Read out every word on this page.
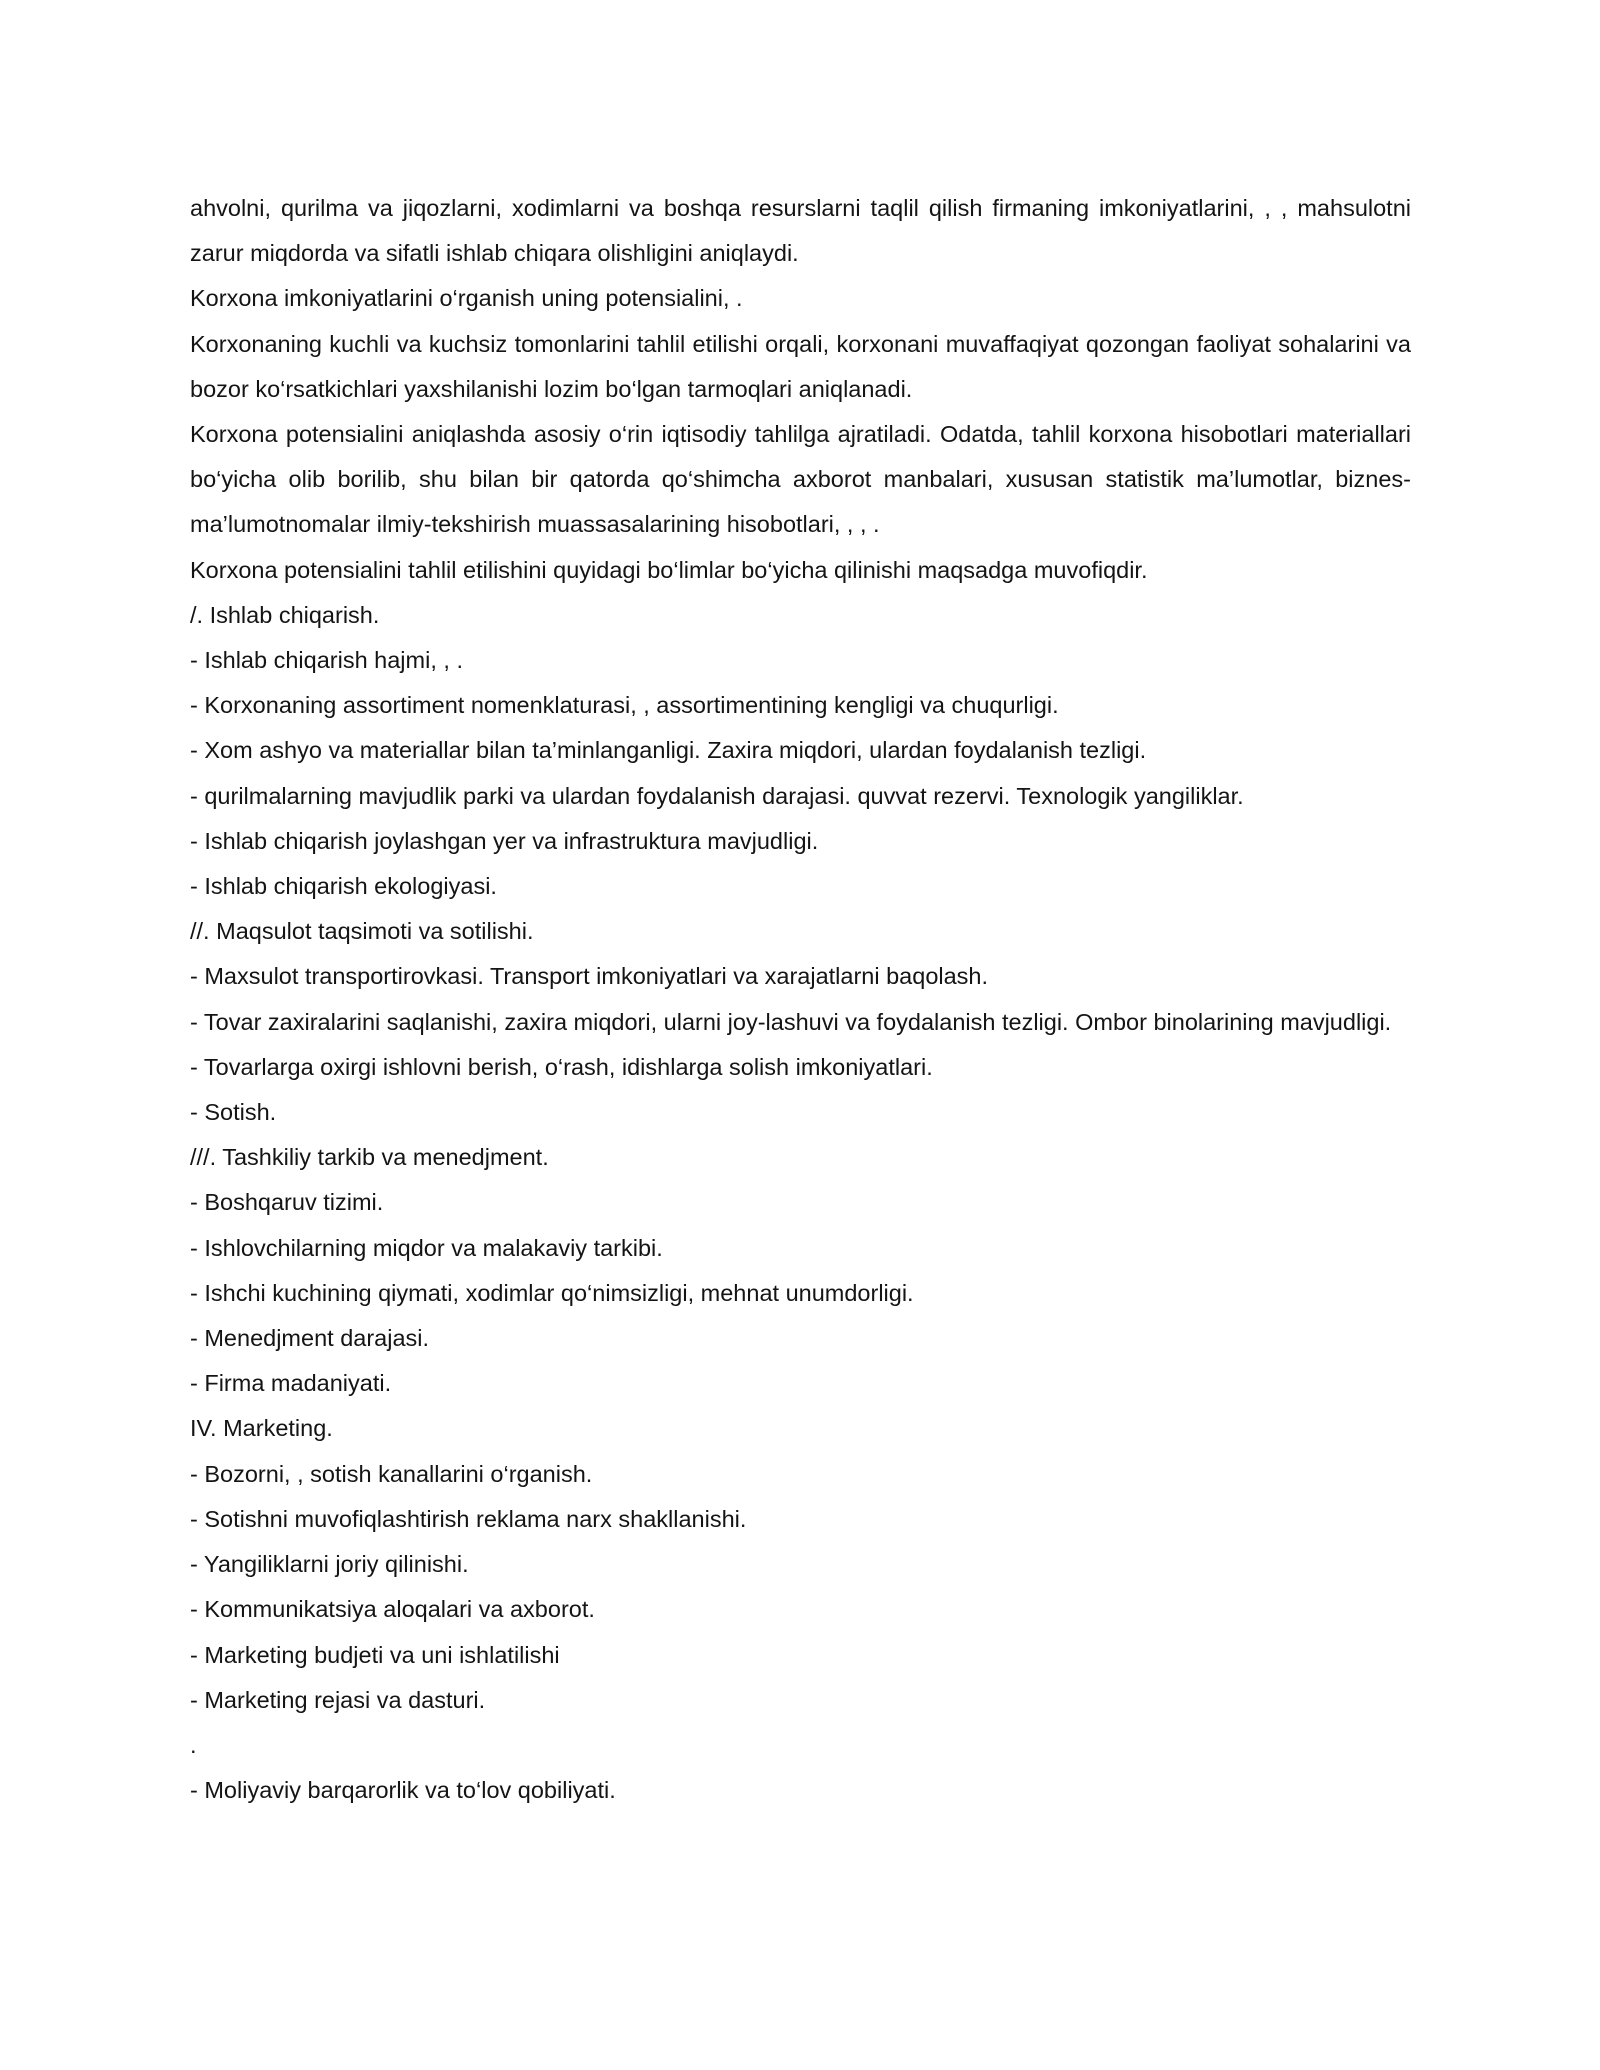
ahvolni, qurilma va jiqozlarni, xodimlarni va boshqa resurslarni taqlil qilish firmaning imkoniyatlarini, , , mahsulotni zarur miqdorda va sifatli ishlab chiqara olishligini aniqlaydi.

Korxona imkoniyatlarini o‘rganish uning potensialini, .

Korxonaning kuchli va kuchsiz tomonlarini tahlil etilishi orqali, korxonani muvaffaqiyat qozongan faoliyat sohalarini va bozor ko‘rsatkichlari yaxshilanishi lozim bo‘lgan tarmoqlari aniqlanadi.

Korxona potensialini aniqlashda asosiy o‘rin iqtisodiy tahlilga ajratiladi. Odatda, tahlil korxona hisobotlari materiallari bo‘yicha olib borilib, shu bilan bir qatorda qo‘shimcha axborot manbalari, xususan statistik ma’lumotlar, biznes-ma’lumotnomalar ilmiy-tekshirish muassasalarining hisobotlari, , , .

Korxona potensialini tahlil etilishini quyidagi bo‘limlar bo‘yicha qilinishi maqsadga muvofiqdir.

/. Ishlab chiqarish.

- Ishlab chiqarish hajmi, , .

- Korxonaning assortiment nomenklaturasi, , assortimentining kengligi va chuqurligi.

- Xom ashyo va materiallar bilan ta’minlanganligi. Zaxira miqdori, ulardan foydalanish tezligi.

- qurilmalarning mavjudlik parki va ulardan foydalanish darajasi. quvvat rezervi. Texnologik yangiliklar.

- Ishlab chiqarish joylashgan yer va infrastruktura mavjudligi.

- Ishlab chiqarish ekologiyasi.

//. Maqsulot taqsimoti va sotilishi.

- Maxsulot transportirovkasi. Transport imkoniyatlari va xarajatlarni baqolash.

- Tovar zaxiralarini saqlanishi, zaxira miqdori, ularni joy-lashuvi va foydalanish tezligi. Ombor binolarining mavjudligi.

- Tovarlarga oxirgi ishlovni berish, o‘rash, idishlarga solish imkoniyatlari.

- Sotish.

///. Tashkiliy tarkib va menedjment.

- Boshqaruv tizimi.

- Ishlovchilarning miqdor va malakaviy tarkibi.

- Ishchi kuchining qiymati, xodimlar qo‘nimsizligi, mehnat unumdorligi.

- Menedjment darajasi.

- Firma madaniyati.

IV. Marketing.

- Bozorni, , sotish kanallarini o‘rganish.

- Sotishni muvofiqlashtirish reklama narx shakllanishi.

- Yangiliklarni joriy qilinishi.

- Kommunikatsiya aloqalari va axborot.

- Marketing budjeti va uni ishlatilishi

- Marketing rejasi va dasturi.

.

- Moliyaviy barqarorlik va to‘lov qobiliyati.
